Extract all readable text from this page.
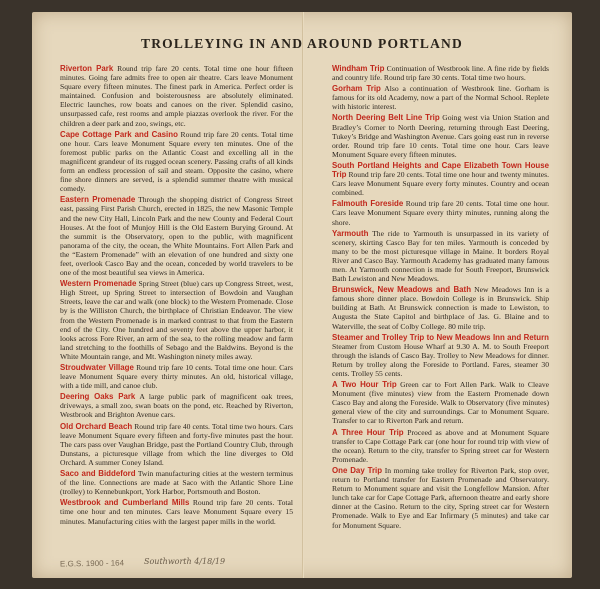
TROLLEYING IN AND AROUND PORTLAND

Riverton Park Round trip fare 20 cents. Total time one hour fifteen minutes. Going fare admits free to open air theatre. Cars leave Monument Square every fifteen minutes. The finest park in America. Perfect order is maintained. Confusion and boisterousness are absolutely eliminated. Electric launches, row boats and canoes on the river. Splendid casino, unsurpassed cafe, rest rooms and ample piazzas overlook the river. For the children a deer park and zoo, swings, etc.

Cape Cottage Park and Casino Round trip fare 20 cents. Total time one hour. Cars leave Monument Square every ten minutes. One of the foremost public parks on the Atlantic Coast and excelling all in the magnificent grandeur of its rugged ocean scenery. Passing crafts of all kinds form an endless procession of sail and steam. Opposite the casino, where fine shore dinners are served, is a splendid summer theatre with musical comedy.

Eastern Promenade Through the shopping district of Congress Street east, passing First Parish Church, erected in 1825, the new Masonic Temple and the new City Hall, Lincoln Park and the new County and Federal Court Houses. At the foot of Munjoy Hill is the Old Eastern Burying Ground. At the summit is the Observatory, open to the public, with magnificent panorama of the city, the ocean, the White Mountains. Fort Allen Park and the “Eastern Promenade” with an elevation of one hundred and sixty one feet, overlook Casco Bay and the ocean, conceded by world travelers to be one of the most beautiful sea views in America.

Western Promenade Spring Street (blue) cars up Congress Street, west, High Street, up Spring Street to intersection of Bowdoin and Vaughan Streets, leave the car and walk (one block) to the Western Promenade. Close by is the Williston Church, the birthplace of Christian Endeavor. The view from the Western Promenade is in marked contrast to that from the Eastern end of the City. One hundred and seventy feet above the upper harbor, it looks across Fore River, an arm of the sea, to the rolling meadow and farm land stretching to the foothills of Sebago and the Baldwins. Beyond is the White Mountain range, and Mt. Washington ninety miles away.

Stroudwater Village Round trip fare 10 cents. Total time one hour. Cars leave Monument Square every thirty minutes. An old, historical village, with a tide mill, and canoe club.

Deering Oaks Park A large public park of magnificent oak trees, driveways, a small zoo, swan boats on the pond, etc. Reached by Riverton, Westbrook and Brighton Avenue cars.

Old Orchard Beach Round trip fare 40 cents. Total time two hours. Cars leave Monument Square every fifteen and forty-five minutes past the hour. The cars pass over Vaughan Bridge, past the Portland Country Club, through Dunstans, a picturesque village from which the line diverges to Old Orchard. A summer Coney Island.

Saco and Biddeford Twin manufacturing cities at the western terminus of the line. Connections are made at Saco with the Atlantic Shore Line (trolley) to Kennebunkport, York Harbor, Portsmouth and Boston.

Westbrook and Cumberland Mills Round trip fare 20 cents. Total time one hour and ten minutes. Cars leave Monument Square every 15 minutes. Manufacturing cities with the largest paper mills in the world.

Windham Trip Continuation of Westbrook line. A fine ride by fields and country life. Round trip fare 30 cents. Total time two hours.

Gorham Trip Also a continuation of Westbrook line. Gorham is famous for its old Academy, now a part of the Normal School. Replete with historic interest.

North Deering Belt Line Trip Going west via Union Station and Bradley’s Corner to North Deering, returning through East Deering, Tukey’s Bridge and Washington Avenue. Cars going east run in reverse order. Round trip fare 10 cents. Total time one hour. Cars leave Monument Square every fifteen minutes.

South Portland Heights and Cape Elizabeth Town House Trip Round trip fare 20 cents. Total time one hour and twenty minutes. Cars leave Monument Square every forty minutes. Country and ocean combined.

Falmouth Foreside Round trip fare 20 cents. Total time one hour. Cars leave Monument Square every thirty minutes, running along the shore.

Yarmouth The ride to Yarmouth is unsurpassed in its variety of scenery, skirting Casco Bay for ten miles. Yarmouth is conceded by many to be the most picturesque village in Maine. It borders Royal River and Casco Bay. Yarmouth Academy has graduated many famous men. At Yarmouth connection is made for South Freeport, Brunswick Bath Lewiston and New Meadows.

Brunswick, New Meadows and Bath New Meadows Inn is a famous shore dinner place. Bowdoin College is in Brunswick. Ship building at Bath. At Brunswick connection is made to Lewiston, to Augusta the State Capitol and birthplace of Jas. G. Blaine and to Waterville, the seat of Colby College. 80 mile trip.

Steamer and Trolley Trip to New Meadows Inn and Return Steamer from Custom House Wharf at 9.30 A. M. to South Freeport through the islands of Casco Bay. Trolley to New Meadows for dinner. Return by trolley along the Foreside to Portland. Fares, steamer 30 cents. Trolley 55 cents.

A Two Hour Trip Green car to Fort Allen Park. Walk to Cleave Monument (five minutes) view from the Eastern Promenade down Casco Bay and along the Foreside. Walk to Observatory (five minutes) general view of the city and surroundings. Car to Monument Square. Transfer to car to Riverton Park and return.

A Three Hour Trip Proceed as above and at Monument Square transfer to Cape Cottage Park car (one hour for round trip with view of the ocean). Return to the city, transfer to Spring street car for Western Promenade.

One Day Trip In morning take trolley for Riverton Park, stop over, return to Portland transfer for Eastern Promenade and Observatory. Return to Monument square and visit the Longfellow Mansion. After lunch take car for Cape Cottage Park, afternoon theatre and early shore dinner at the Casino. Return to the city, Spring street car for Western Promenade. Walk to Eye and Ear Infirmary (5 minutes) and take car for Monument Square.

E.G.S. 1900 - 164 Southworth 4/18/19
